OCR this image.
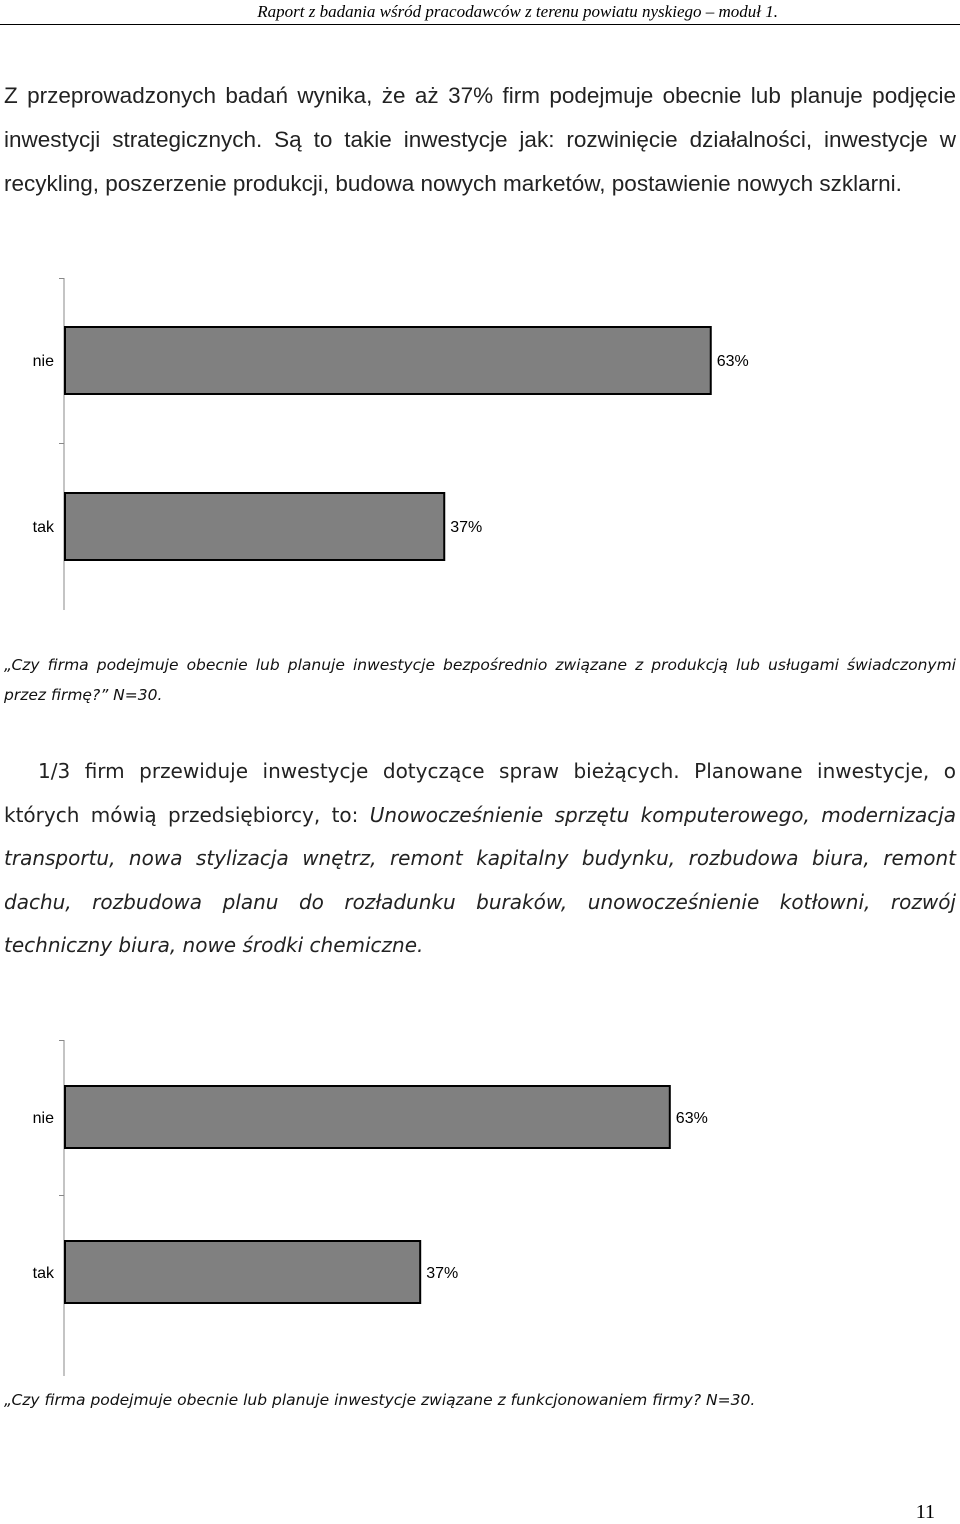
Raport z badania wśród pracodawców z terenu powiatu nyskiego – moduł 1.
Z przeprowadzonych badań wynika, że aż 37% firm podejmuje obecnie lub planuje podjęcie inwestycji strategicznych. Są to takie inwestycje jak: rozwinięcie działalności, inwestycje w recykling, poszerzenie produkcji, budowa nowych marketów, postawienie nowych szklarni.
nie	63%
tak	37%
„Czy firma podejmuje obecnie lub planuje inwestycje bezpośrednio związane z produkcją lub usługami świadczonymi przez firmę?” N=30.
1/3 firm przewiduje inwestycje dotyczące spraw bieżących. Planowane inwestycje, o których mówią przedsiębiorcy, to: Unowocześnienie sprzętu komputerowego, modernizacja transportu, nowa stylizacja wnętrz, remont kapitalny budynku, rozbudowa biura, remont dachu, rozbudowa planu do rozładunku buraków, unowocześnienie kotłowni, rozwój techniczny biura, nowe środki chemiczne.
nie	63%
tak	37%
„Czy firma podejmuje obecnie lub planuje inwestycje związane z funkcjonowaniem firmy? N=30.
11
